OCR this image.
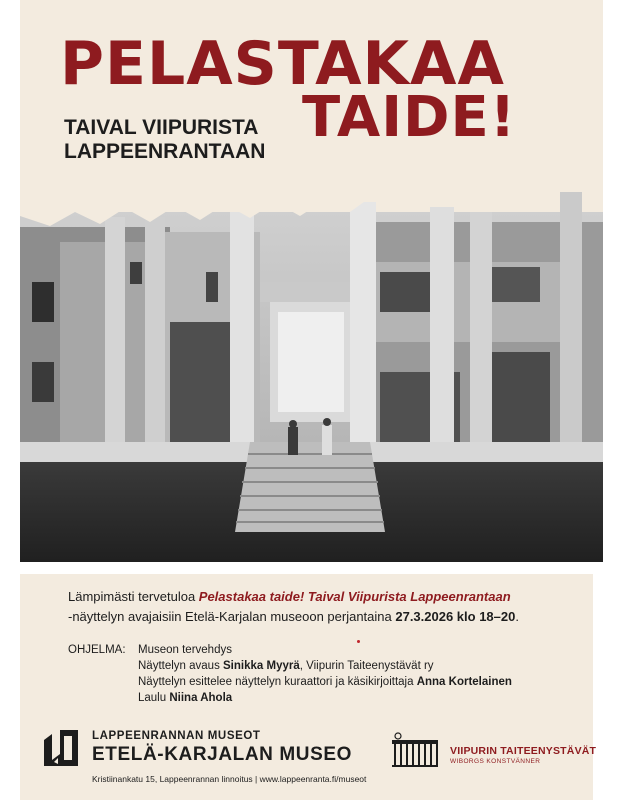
PELASTAKAA
TAIDE!
TAIVAL VIIPURISTA
LAPPEENRANTAAN
Lämpimästi tervetuloa Pelastakaa taide! Taival Viipurista Lappeenrantaan
-näyttelyn avajaisiin Etelä-Karjalan museoon perjantaina 27.3.2026 klo 18–20.
OHJELMA: Museon tervehdys
Näyttelyn avaus Sinikka Myyrä, Viipurin Taiteenystävät ry
Näyttelyn esittelee näyttelyn kuraattori ja käsikirjoittaja Anna Kortelainen
Laulu Niina Ahola
LAPPEENRANNAN MUSEOT
ETELÄ-KARJALAN MUSEO
Kristiinankatu 15, Lappeenrannan linnoitus | www.lappeenranta.fi/museot
VIIPURIN TAITEENYSTÄVÄT
WIBORGS KONSTVÄNNER
